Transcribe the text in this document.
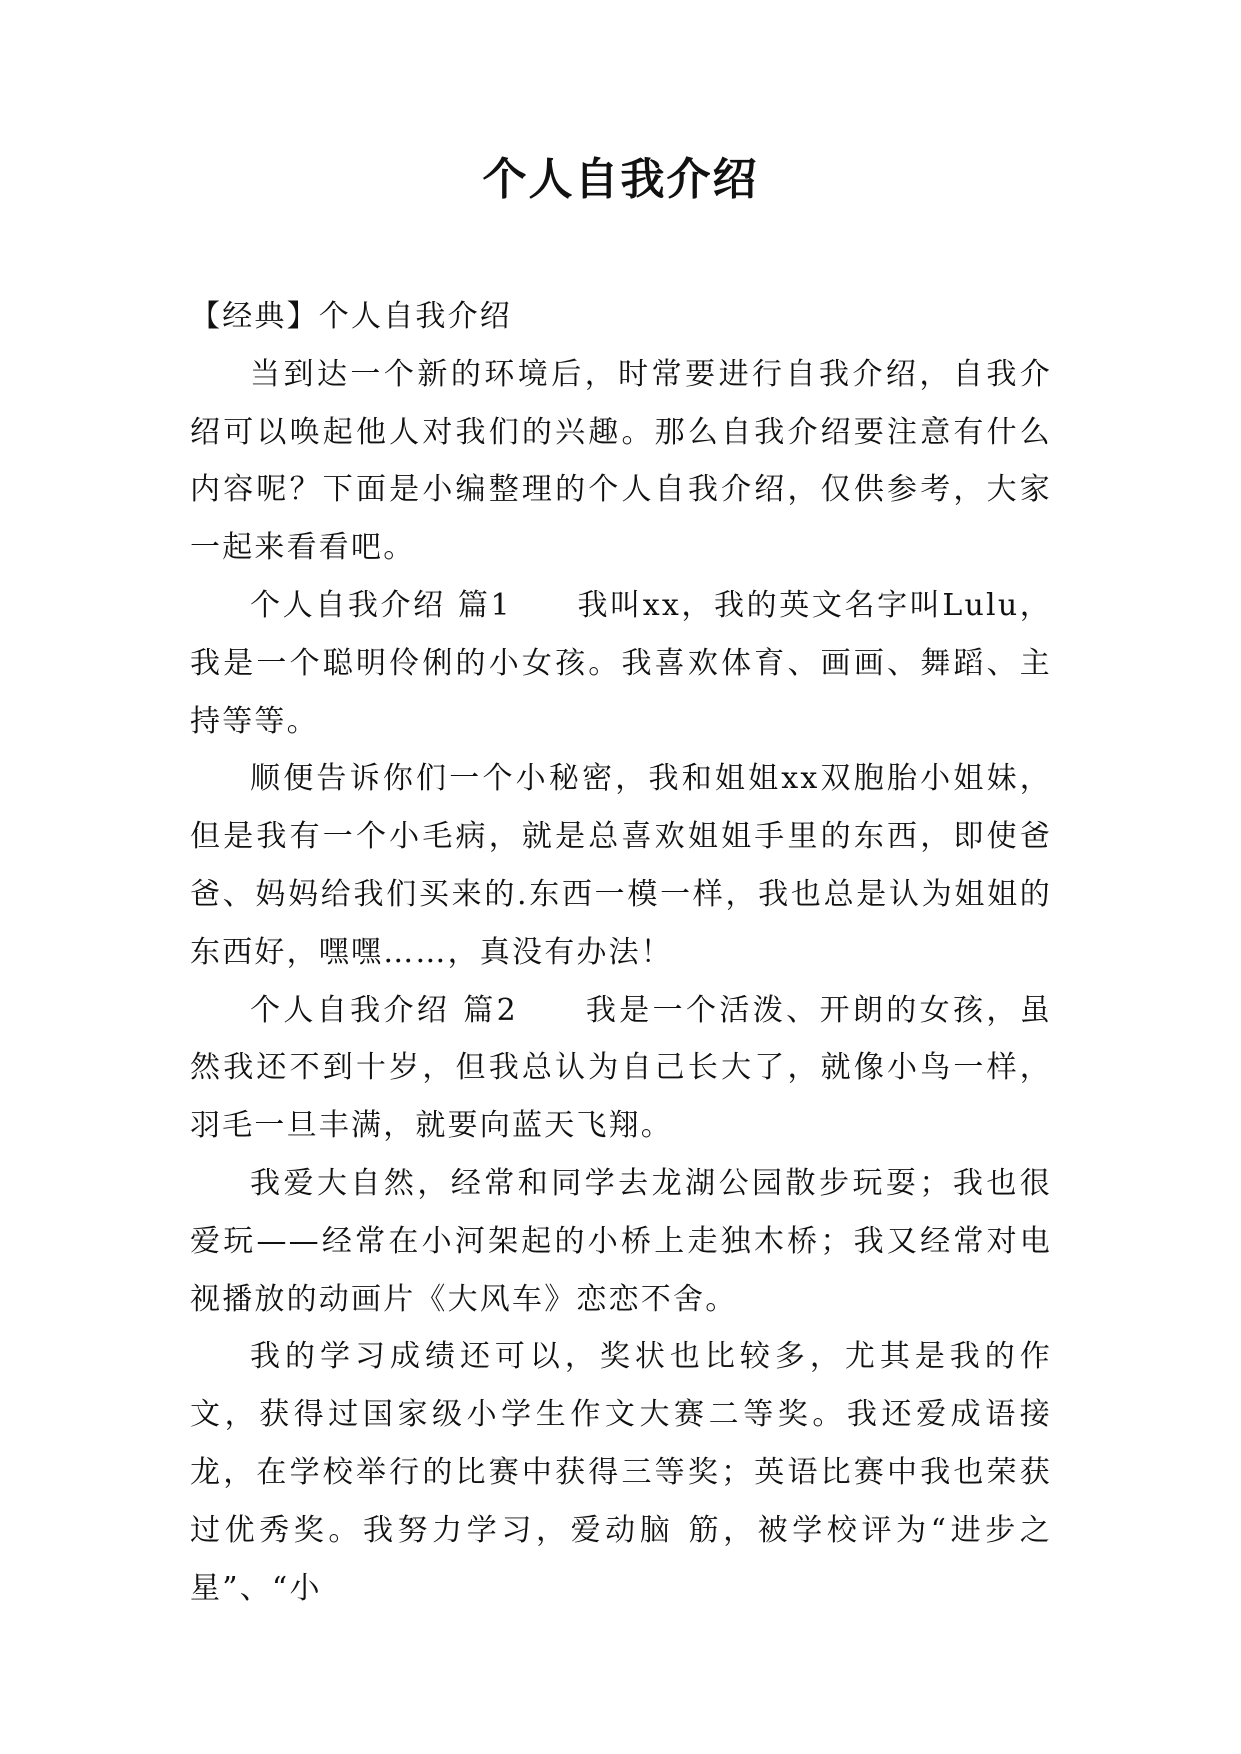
个人自我介绍

【经典】个人自我介绍

当到达一个新的环境后，时常要进行自我介绍，自我介绍可以唤起他人对我们的兴趣。那么自我介绍要注意有什么内容呢？下面是小编整理的个人自我介绍，仅供参考，大家一起来看看吧。

个人自我介绍 篇1　　我叫xx，我的英文名字叫Lulu，我是一个聪明伶俐的小女孩。我喜欢体育、画画、舞蹈、主持等等。

顺便告诉你们一个小秘密，我和姐姐xx双胞胎小姐妹，但是我有一个小毛病，就是总喜欢姐姐手里的东西，即使爸爸、妈妈给我们买来的.东西一模一样，我也总是认为姐姐的东西好，嘿嘿……，真没有办法！

个人自我介绍 篇2　　我是一个活泼、开朗的女孩，虽然我还不到十岁，但我总认为自己长大了，就像小鸟一样，羽毛一旦丰满，就要向蓝天飞翔。

我爱大自然，经常和同学去龙湖公园散步玩耍；我也很爱玩——经常在小河架起的小桥上走独木桥；我又经常对电视播放的动画片《大风车》恋恋不舍。

我的学习成绩还可以，奖状也比较多，尤其是我的作文，获得过国家级小学生作文大赛二等奖。我还爱成语接龙，在学校举行的比赛中获得三等奖；英语比赛中我也荣获过优秀奖。我努力学习，爱动脑 筋，被学校评为“进步之星”、“小
